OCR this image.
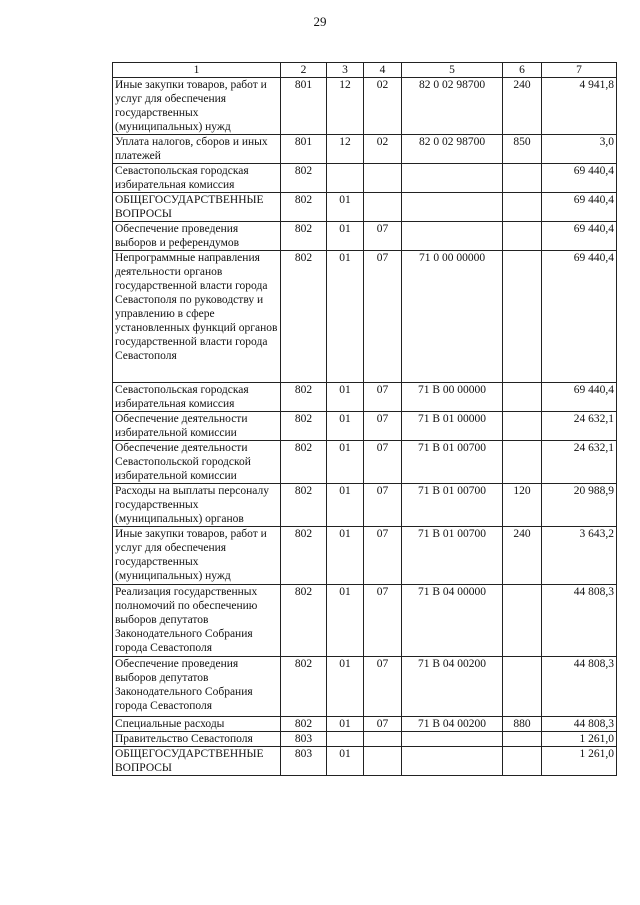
29
1	2	3	4	5	6	7
Иные закупки товаров, работ и услуг для обеспечения государственных (муниципальных) нужд	801	12	02	82 0 02 98700	240	4 941,8
Уплата налогов, сборов и иных платежей	801	12	02	82 0 02 98700	850	3,0
Севастопольская городская избирательная комиссия	802					69 440,4
ОБЩЕГОСУДАРСТВЕННЫЕ ВОПРОСЫ	802	01				69 440,4
Обеспечение проведения выборов и референдумов	802	01	07			69 440,4
Непрограммные направления деятельности органов государственной власти города Севастополя по руководству и управлению в сфере установленных функций органов государственной власти города Севастополя	802	01	07	71 0 00 00000		69 440,4
Севастопольская городская избирательная комиссия	802	01	07	71 В 00 00000		69 440,4
Обеспечение деятельности избирательной комиссии	802	01	07	71 В 01 00000		24 632,1
Обеспечение деятельности Севастопольской городской избирательной комиссии	802	01	07	71 В 01 00700		24 632,1
Расходы на выплаты персоналу государственных (муниципальных) органов	802	01	07	71 В 01 00700	120	20 988,9
Иные закупки товаров, работ и услуг для обеспечения государственных (муниципальных) нужд	802	01	07	71 В 01 00700	240	3 643,2
Реализация государственных полномочий по обеспечению выборов депутатов Законодательного Собрания города Севастополя	802	01	07	71 В 04 00000		44 808,3
Обеспечение проведения выборов депутатов Законодательного Собрания города Севастополя	802	01	07	71 В 04 00200		44 808,3
Специальные расходы	802	01	07	71 В 04 00200	880	44 808,3
Правительство Севастополя	803					1 261,0
ОБЩЕГОСУДАРСТВЕННЫЕ ВОПРОСЫ	803	01				1 261,0
